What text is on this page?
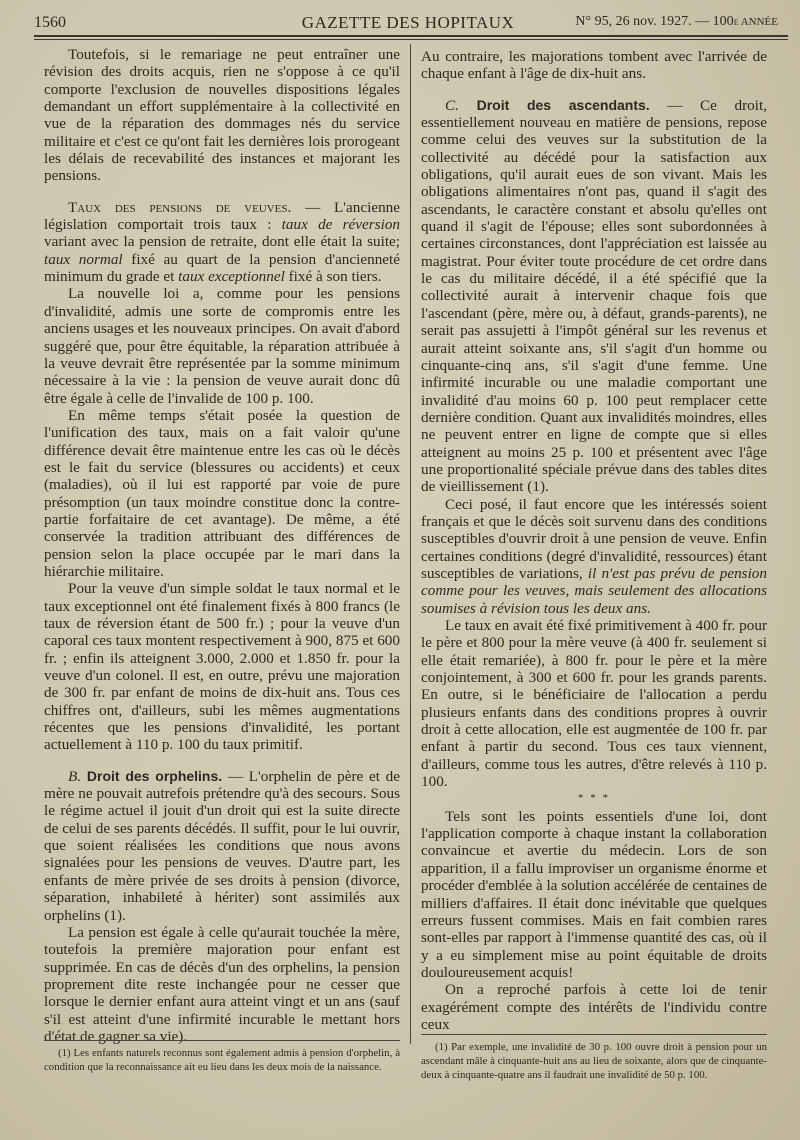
1560	GAZETTE DES HOPITAUX	N° 95, 26 nov. 1927. — 100e ANNÉE

Toutefois, si le remariage ne peut entraîner une révision des droits acquis, rien ne s'oppose à ce qu'il comporte l'exclusion de nouvelles dispositions légales demandant un effort supplémentaire à la collectivité en vue de la réparation des dommages nés du service militaire et c'est ce qu'ont fait les dernières lois prorogeant les délais de recevabilité des instances et majorant les pensions.

Taux des pensions de veuves. — L'ancienne législation comportait trois taux : taux de réversion variant avec la pension de retraite, dont elle était la suite; taux normal fixé au quart de la pension d'ancienneté minimum du grade et taux exceptionnel fixé à son tiers.

La nouvelle loi a, comme pour les pensions d'invalidité, admis une sorte de compromis entre les anciens usages et les nouveaux principes. On avait d'abord suggéré que, pour être équitable, la réparation attribuée à la veuve devrait être représentée par la somme minimum nécessaire à la vie : la pension de veuve aurait donc dû être égale à celle de l'invalide de 100 p. 100.

En même temps s'était posée la question de l'unification des taux, mais on a fait valoir qu'une différence devait être maintenue entre les cas où le décès est le fait du service (blessures ou accidents) et ceux (maladies), où il lui est rapporté par voie de pure présomption (un taux moindre constitue donc la contre-partie forfaitaire de cet avantage). De même, a été conservée la tradition attribuant des différences de pension selon la place occupée par le mari dans la hiérarchie militaire.

Pour la veuve d'un simple soldat le taux normal et le taux exceptionnel ont été finalement fixés à 800 francs (le taux de réversion étant de 500 fr.) ; pour la veuve d'un caporal ces taux montent respectivement à 900, 875 et 600 fr. ; enfin ils atteignent 3.000, 2.000 et 1.850 fr. pour la veuve d'un colonel. Il est, en outre, prévu une majoration de 300 fr. par enfant de moins de dix-huit ans. Tous ces chiffres ont, d'ailleurs, subi les mêmes augmentations récentes que les pensions d'invalidité, les portant actuellement à 110 p. 100 du taux primitif.

B. Droit des orphelins. — L'orphelin de père et de mère ne pouvait autrefois prétendre qu'à des secours. Sous le régime actuel il jouit d'un droit qui est la suite directe de celui de ses parents décédés. Il suffit, pour le lui ouvrir, que soient réalisées les conditions que nous avons signalées pour les pensions de veuves. D'autre part, les enfants de mère privée de ses droits à pension (divorce, séparation, inhabileté à hériter) sont assimilés aux orphelins (1).

La pension est égale à celle qu'aurait touchée la mère, toutefois la première majoration pour enfant est supprimée. En cas de décès d'un des orphelins, la pension proprement dite reste inchangée pour ne cesser que lorsque le dernier enfant aura atteint vingt et un ans (sauf s'il est atteint d'une infirmité incurable le mettant hors d'état de gagner sa vie).

Au contraire, les majorations tombent avec l'arrivée de chaque enfant à l'âge de dix-huit ans.

C. Droit des ascendants. — Ce droit, essentiellement nouveau en matière de pensions, repose comme celui des veuves sur la substitution de la collectivité au décédé pour la satisfaction aux obligations, qu'il aurait eues de son vivant. Mais les obligations alimentaires n'ont pas, quand il s'agit des ascendants, le caractère constant et absolu qu'elles ont quand il s'agit de l'épouse; elles sont subordonnées à certaines circonstances, dont l'appréciation est laissée au magistrat. Pour éviter toute procédure de cet ordre dans le cas du militaire décédé, il a été spécifié que la collectivité aurait à intervenir chaque fois que l'ascendant (père, mère ou, à défaut, grands-parents), ne serait pas assujetti à l'impôt général sur les revenus et aurait atteint soixante ans, s'il s'agit d'un homme ou cinquante-cinq ans, s'il s'agit d'une femme. Une infirmité incurable ou une maladie comportant une invalidité d'au moins 60 p. 100 peut remplacer cette dernière condition. Quant aux invalidités moindres, elles ne peuvent entrer en ligne de compte que si elles atteignent au moins 25 p. 100 et présentent avec l'âge une proportionalité spéciale prévue dans des tables dites de vieillissement (1).

Ceci posé, il faut encore que les intéressés soient français et que le décès soit survenu dans des conditions susceptibles d'ouvrir droit à une pension de veuve. Enfin certaines conditions (degré d'invalidité, ressources) étant susceptibles de variations, il n'est pas prévu de pension comme pour les veuves, mais seulement des allocations soumises à révision tous les deux ans.

Le taux en avait été fixé primitivement à 400 fr. pour le père et 800 pour la mère veuve (à 400 fr. seulement si elle était remariée), à 800 fr. pour le père et la mère conjointement, à 300 et 600 fr. pour les grands parents. En outre, si le bénéficiaire de l'allocation a perdu plusieurs enfants dans des conditions propres à ouvrir droit à cette allocation, elle est augmentée de 100 fr. par enfant à partir du second. Tous ces taux viennent, d'ailleurs, comme tous les autres, d'être relevés à 110 p. 100.

* * *

Tels sont les points essentiels d'une loi, dont l'application comporte à chaque instant la collaboration convaincue et avertie du médecin. Lors de son apparition, il a fallu improviser un organisme énorme et procéder d'emblée à la solution accélérée de centaines de milliers d'affaires. Il était donc inévitable que quelques erreurs fussent commises. Mais en fait combien rares sont-elles par rapport à l'immense quantité des cas, où il y a eu simplement mise au point équitable de droits douloureusement acquis!

On a reproché parfois à cette loi de tenir exagérément compte des intérêts de l'individu contre ceux

(1) Les enfants naturels reconnus sont également admis à pension d'orphelin, à condition que la reconnaissance ait eu lieu dans les deux mois de la naissance.

(1) Par exemple, une invalidité de 30 p. 100 ouvre droit à pension pour un ascendant mâle à cinquante-huit ans au lieu de soixante, alors que de cinquante-deux à cinquante-quatre ans il faudrait une invalidité de 50 p. 100.
